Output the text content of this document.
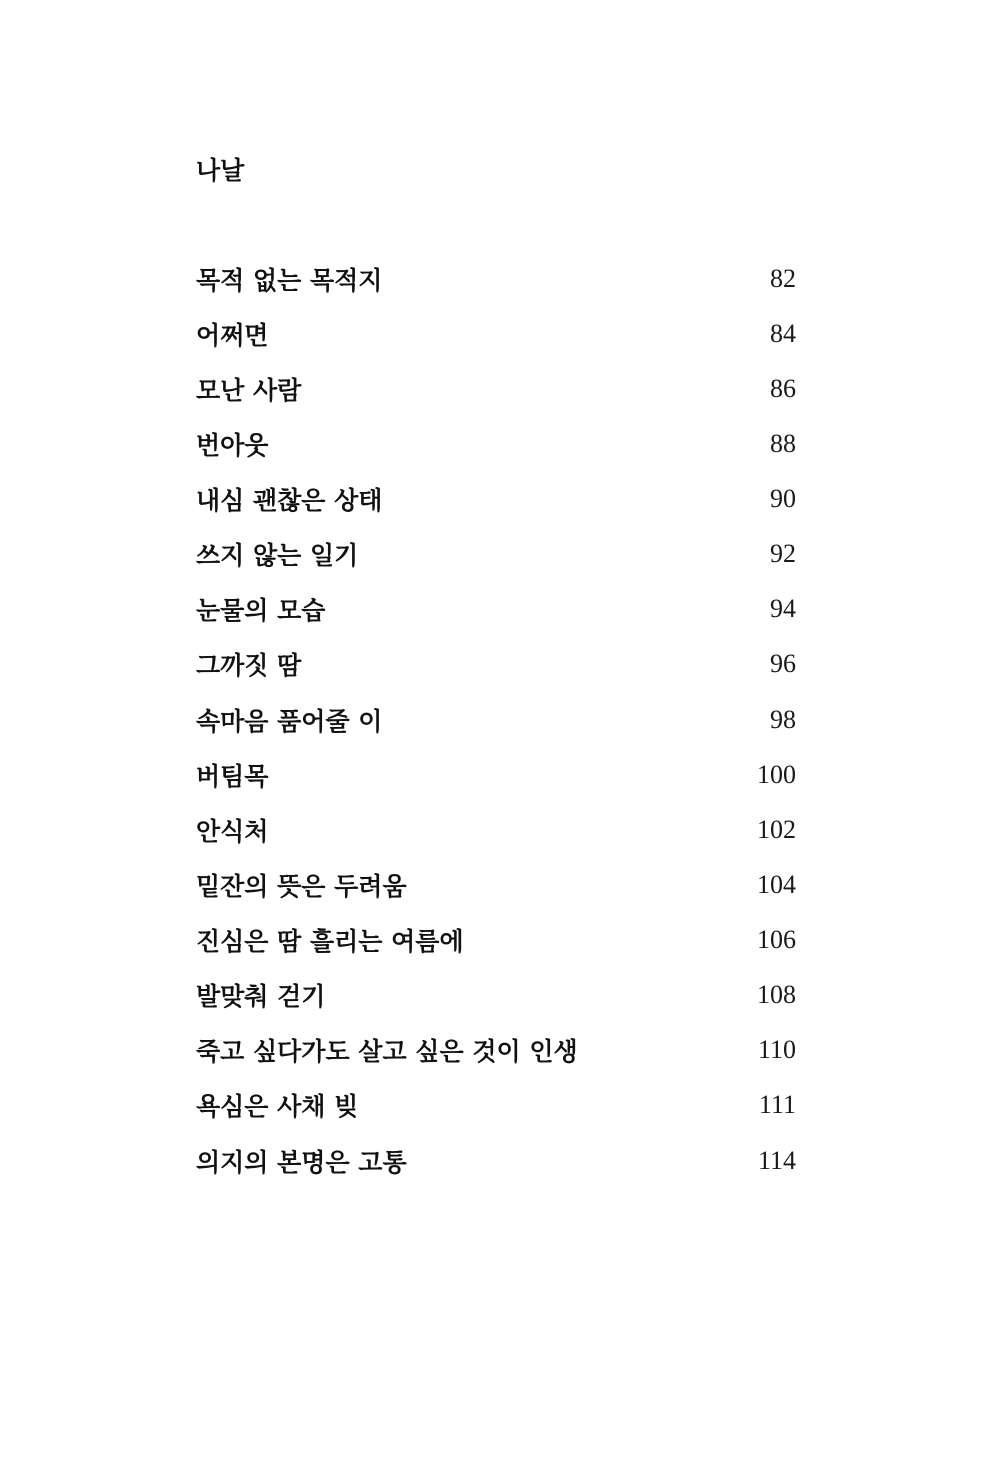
나날
목적 없는 목적지	82
어쩌면	84
모난 사람	86
번아웃	88
내심 괜찮은 상태	90
쓰지 않는 일기	92
눈물의 모습	94
그까짓 땀	96
속마음 품어줄 이	98
버팀목	100
안식처	102
밑잔의 뜻은 두려움	104
진심은 땀 흘리는 여름에	106
발맞춰 걷기	108
죽고 싶다가도 살고 싶은 것이 인생	110
욕심은 사채 빚	111
의지의 본명은 고통	114
